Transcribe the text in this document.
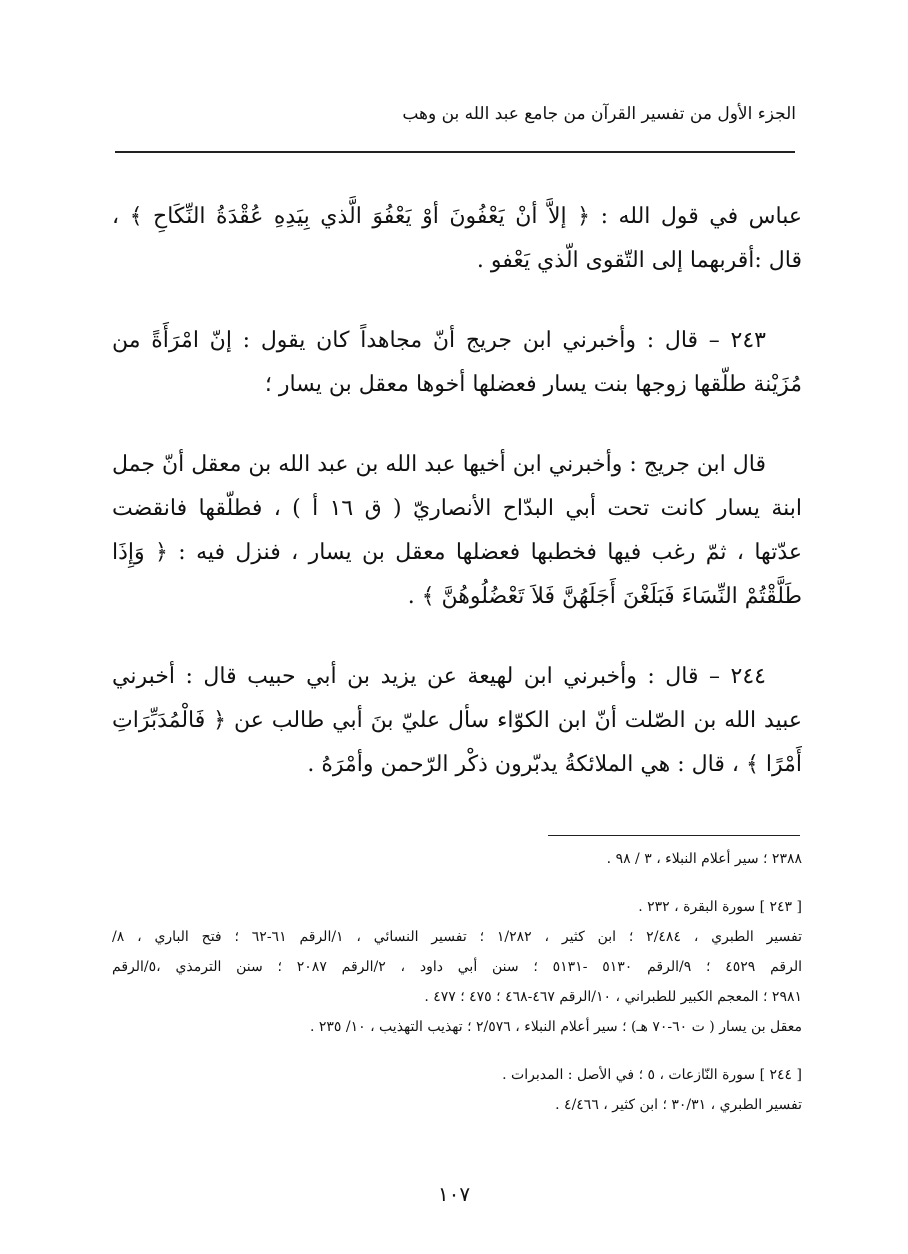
الجزء الأول من تفسير القرآن من جامع عبد الله بن وهب
عباس في قول الله : ﴿ إلاَّ أنْ يَعْفُونَ أوْ يَعْفُوَ الَّذي بِيَدِهِ عُقْدَةُ النِّكَاحِ ﴾ ،
قال :أقربهما إلى التّقوى الّذي يَعْفو .
٢٤٣ – قال : وأخبرني ابن جريج أنّ مجاهداً كان يقول : إنّ امْرَأَةً من
مُزَيْنة طلّقها زوجها بنت يسار فعضلها أخوها معقل بن يسار ؛
قال ابن جريج : وأخبرني ابن أخيها عبد الله بن عبد الله بن معقل أنّ جمل
ابنة يسار كانت تحت أبي البدّاح الأنصاريّ ( ق ١٦ أ ) ، فطلّقها فانقضت
عدّتها ، ثمّ رغب فيها فخطبها فعضلها معقل بن يسار ، فنزل فيه : ﴿ وَإِذَا
طَلَّقْتُمْ النِّسَاءَ فَبَلَغْنَ أَجَلَهُنَّ فَلاَ تَعْضُلُوهُنَّ ﴾ .
٢٤٤ – قال : وأخبرني ابن لهيعة عن يزيد بن أبي حبيب قال : أخبرني
عبيد الله بن الصّلت أنّ ابن الكوّاء سأل عليّ بنَ أبي طالب عن ﴿ فَالْمُدَبِّرَاتِ
أَمْرًا ﴾ ، قال : هي الملائكةُ يدبّرون ذكْر الرّحمن وأمْرَهُ .
٢٣٨٨ ؛ سير أعلام النبلاء ، ٣ / ٩٨ .
[ ٢٤٣ ] سورة البقرة ، ٢٣٢ .
تفسير الطبري ، ٢/٤٨٤ ؛ ابن كثير ، ١/٢٨٢ ؛ تفسير النسائي ، ١/الرقم ٦١-٦٢ ؛ فتح الباري ، ٨/
الرقم ٤٥٢٩ ؛ ٩/الرقم ٥١٣٠ -٥١٣١ ؛ سنن أبي داود ، ٢/الرقم ٢٠٨٧ ؛ سنن الترمذي ،٥/الرقم
٢٩٨١ ؛ المعجم الكبير للطبراني ، ١٠/الرقم ٤٦٧-٤٦٨ ؛ ٤٧٥ ؛ ٤٧٧ .
معقل بن يسار ( ت ٦٠-٧٠ هـ) ؛ سير أعلام النبلاء ، ٢/٥٧٦ ؛ تهذيب التهذيب ، ١٠/ ٢٣٥ .
[ ٢٤٤ ] سورة النّازعات ، ٥ ؛ في الأصل : المدبرات .
تفسير الطبري ، ٣٠/٣١ ؛ ابن كثير ، ٤/٤٦٦ .
١٠٧
